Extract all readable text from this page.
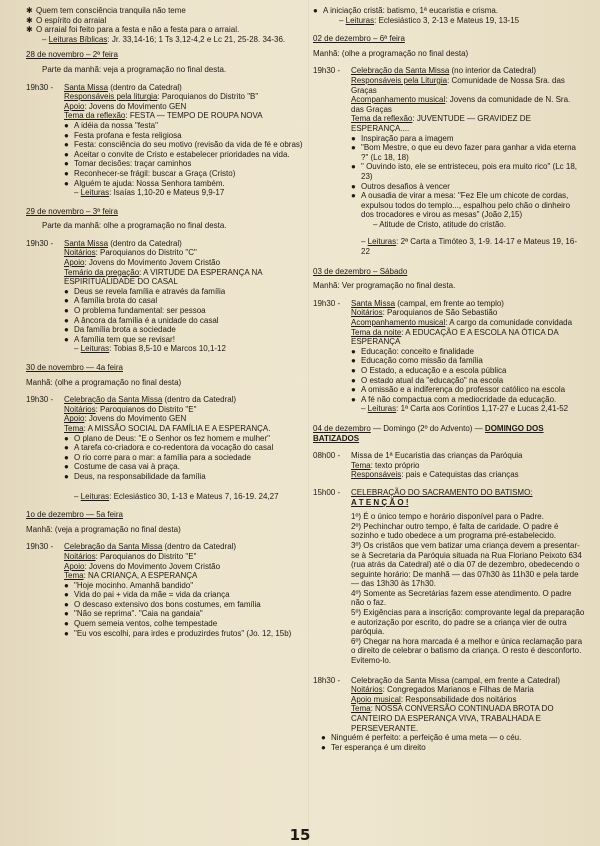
✱ Quem tem consciência tranquila não teme
✱ O espírito do arraial
✱ O arraial foi feito para a festa e não a festa para o arraial.
– Leituras Bíblicas: Jr. 33,14-16; 1 Ts 3,12-4,2 e Lc 21, 25-28. 34-36.
28 de novembro – 2ª feira
Parte da manhã: veja a programação no final desta.
19h30 -	Santa Missa (dentro da Catedral)
Responsáveis pela liturgia: Paroquianos do Distrito "B"
Apoio: Jovens do Movimento GEN
Tema da reflexão: FESTA — TEMPO DE ROUPA NOVA
● A idéia da nossa "festa"
● Festa profana e festa religiosa
● Festa: consciência do seu motivo (revisão da vida de fé e obras)
● Aceitar o convite de Cristo e estabelecer prioridades na vida.
● Tomar decisões: traçar caminhos
● Reconhecer-se frágil: buscar a Graça (Cristo)
● Alguém te ajuda: Nossa Senhora também.
– Leituras: Isaías 1,10-20 e Mateus 9,9-17
29 de novembro – 3ª feira
Parte da manhã: olhe a programação no final desta.
19h30 -	Santa Missa (dentro da Catedral)
Noitários: Paroquianos do Distrito "C"
Apoio: Jovens do Movimento Jovem Cristão
Temário da pregação: A VIRTUDE DA ESPERANÇA NA ESPIRITUALIDADE DO CASAL
● Deus se revela família e através da família
● A família brota do casal
● O problema fundamental: ser pessoa
● A âncora da família é a unidade do casal
● Da família brota a sociedade
● A família tem que se revisar!
– Leituras: Tobias 8,5-10 e Marcos 10,1-12
30 de novembro — 4a feira
Manhã: (olhe a programação no final desta)
19h30 -	Celebração da Santa Missa (dentro da Catedral)
Noitários: Paroquianos do Distrito "E"
Apoio: Jovens do Movimento GEN
Tema: A MISSÃO SOCIAL DA FAMÍLIA E A ESPERANÇA.
● O plano de Deus: "E o Senhor os fez homem e mulher"
● A tarefa co-criadora e co-redentora da vocação do casal
● O rio corre para o mar: a família para a sociedade
● Costume de casa vai à praça.
● Deus, na responsabilidade da família
– Leituras: Eclesiástico 30, 1-13 e Mateus 7, 16-19. 24,27
1o de dezembro — 5a feira
Manhã: (veja a programação no final desta)
19h30 -	Celebração da Santa Missa (dentro da Catedral)
Noitários: Paroquianos do Distrito "E"
Apoio: Jovens do Movimento Jovem Cristão
Tema: NA CRIANÇA, A ESPERANÇA
● "Hoje mocinho. Amanhã bandido"
● Vida do pai + vida da mãe = vida da criança
● O descaso extensivo dos bons costumes, em família
● "Não se reprima". "Caia na gandaia"
● Quem semeia ventos, colhe tempestade
● "Eu vos escolhi, para irdes e produzirdes frutos" (Jo. 12, 15b)
● A iniciação cristã: batismo, 1ª eucaristia e crisma.
– Leituras: Eclesiástico 3, 2-13 e Mateus 19, 13-15
02 de dezembro – 6ª feira
Manhã: (olhe a programação no final desta)
19h30 -	Celebração da Santa Missa (no interior da Catedral)
Responsáveis pela Liturgia: Comunidade de Nossa Sra. das Graças
Acompanhamento musical: Jovens da comunidade de N. Sra. das Graças
Tema da reflexão: JUVENTUDE — GRAVIDEZ DE ESPERANÇA....
● Inspiração para a imagem
● "Bom Mestre, o que eu devo fazer para ganhar a vida eterna ?" (Lc 18, 18)
● " Ouvindo isto, ele se entristeceu, pois era muito rico" (Lc 18, 23)
● Outros desafios à vencer
● A ousadia de virar a mesa: "Fez Ele um chicote de cordas, expulsou todos do templo..., espalhou pelo chão o dinheiro dos trocadores e virou as mesas" (João 2,15)
– Atitude de Cristo, atitude do cristão.
– Leituras: 2ª Carta a Timóteo 3, 1-9. 14-17 e Mateus 19, 16-22
03 de dezembro – Sábado
Manhã: Ver programação no final desta.
19h30 -	Santa Missa (campal, em frente ao templo)
Noitários: Paroquianos de São Sebastião
Acompanhamento musical: A cargo da comunidade convidada
Tema da noite: A EDUCAÇÃO E A ESCOLA NA ÓTICA DA ESPERANÇA
● Educação: conceito e finalidade
● Educação como missão da família
● O Estado, a educação e a escola pública
● O estado atual da "educação" na escola
● A omissão e a indiferença do professor católico na escola
● A fé não compactua com a mediocridade da educação.
– Leituras: 1ª Carta aos Coríntios 1,17-27 e Lucas 2,41-52
04 de dezembro — Domingo (2º do Advento) — DOMINGO DOS BATIZADOS
08h00 -	Missa de 1ª Eucaristia das crianças da Paróquia
Tema: texto próprio
Responsáveis: pais e Catequistas das crianças
15h00 -	CELEBRAÇÃO DO SACRAMENTO DO BATISMO:
A T E N Ç Ã O !
1º) É o único tempo e horário disponível para o Padre.
2º) Pechinchar outro tempo, é falta de caridade. O padre é sozinho e tudo obedece a um programa pré-estabelecido.
3º) Os cristãos que vem batizar uma criança devem a presentar-se à Secretaria da Paróquia situada na Rua Floriano Peixoto 634 (rua atrás da Catedral) até o dia 07 de dezembro, obedecendo o seguinte horário: De manhã — das 07h30 às 11h30 e pela tarde — das 13h30 às 17h30.
4º) Somente as Secretárias fazem esse atendimento. O padre não o faz.
5º) Exigências para a inscrição: comprovante legal da preparação e autorização por escrito, do padre se a criança vier de outra paróquia.
6º) Chegar na hora marcada é a melhor e única reclamação para o direito de celebrar o batismo da criança. O resto é desconforto. Evitemo-lo.
18h30 -	Celebração da Santa Missa (campal, em frente a Catedral)
Noitários: Congregados Marianos e Filhas de Maria
Apoio musical: Responsabilidade dos noitários
Tema: NOSSA CONVERSÃO CONTINUADA BROTA DO CANTEIRO DA ESPERANÇA VIVA, TRABALHADA E PERSEVERANTE.
● Ninguém é perfeito: a perfeição é uma meta — o céu.
● Ter esperança é um direito
15
